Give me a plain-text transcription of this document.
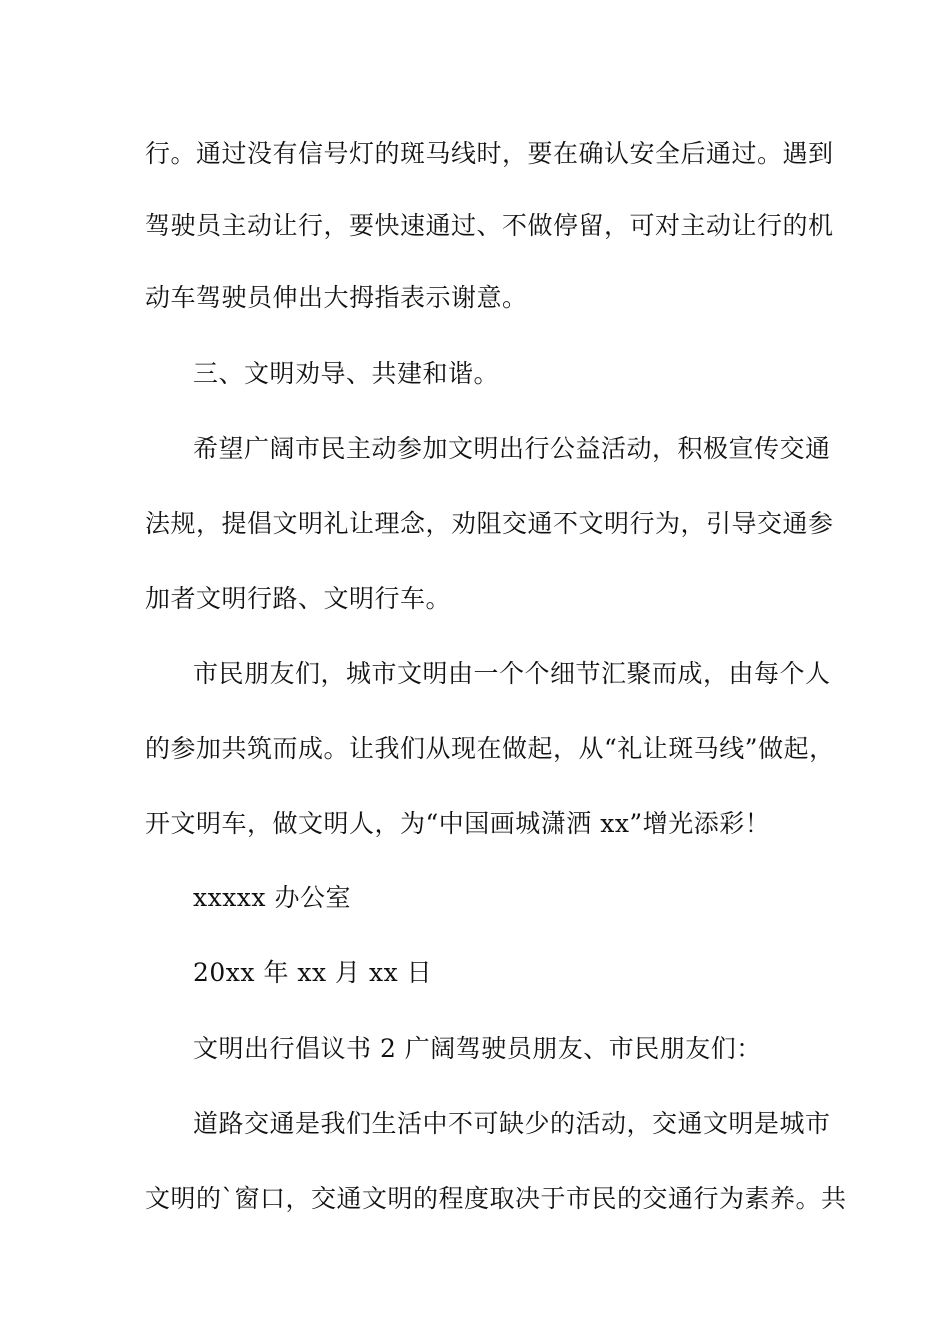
行。通过没有信号灯的斑马线时，要在确认安全后通过。遇到
驾驶员主动让行，要快速通过、不做停留，可对主动让行的机
动车驾驶员伸出大拇指表示谢意。
三、文明劝导、共建和谐。
希望广阔市民主动参加文明出行公益活动，积极宣传交通
法规，提倡文明礼让理念，劝阻交通不文明行为，引导交通参
加者文明行路、文明行车。
市民朋友们，城市文明由一个个细节汇聚而成，由每个人
的参加共筑而成。让我们从现在做起，从“礼让斑马线”做起，
开文明车，做文明人，为“中国画城潇洒 xx”增光添彩！
xxxxx 办公室
20xx 年 xx 月 xx 日
文明出行倡议书 2 广阔驾驶员朋友、市民朋友们：
道路交通是我们生活中不可缺少的活动，交通文明是城市
文明的`窗口，交通文明的程度取决于市民的交通行为素养。共
